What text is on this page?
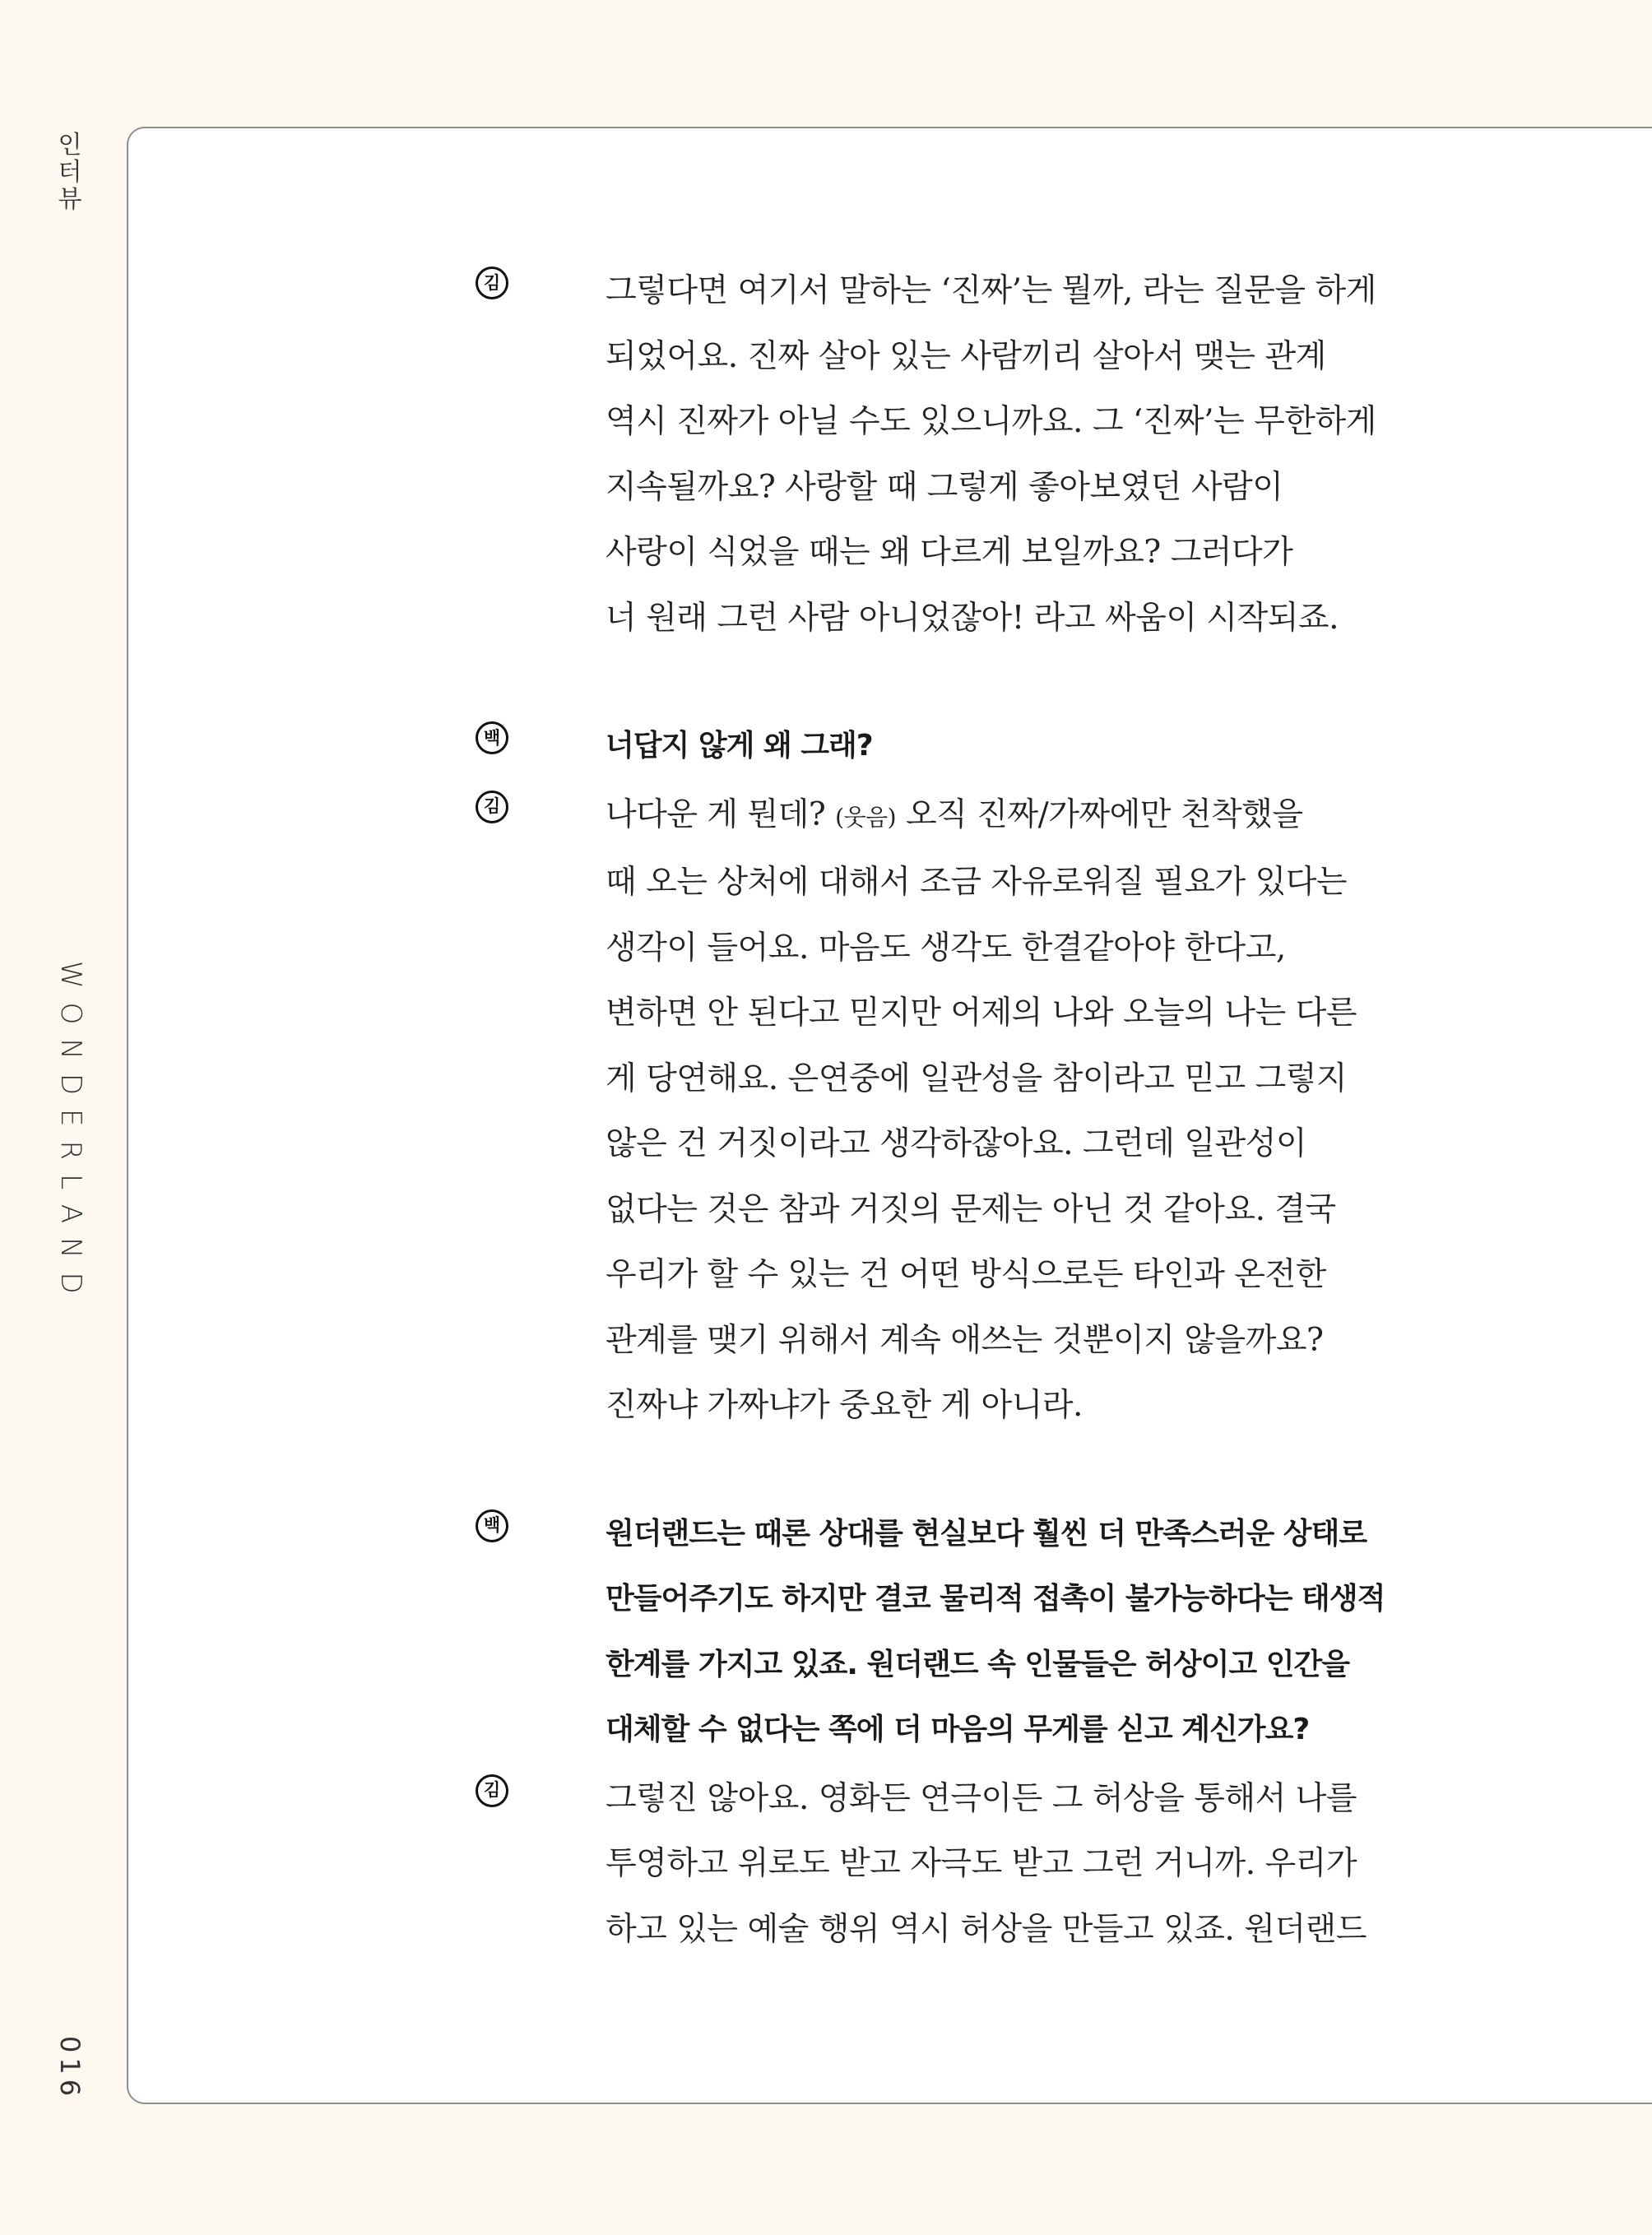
인터뷰
WONDERLAND
016
김	그렇다면 여기서 말하는 ‘진짜’는 뭘까, 라는 질문을 하게
되었어요. 진짜 살아 있는 사람끼리 살아서 맺는 관계
역시 진짜가 아닐 수도 있으니까요. 그 ‘진짜’는 무한하게
지속될까요? 사랑할 때 그렇게 좋아보였던 사람이
사랑이 식었을 때는 왜 다르게 보일까요? 그러다가
너 원래 그런 사람 아니었잖아! 라고 싸움이 시작되죠.
백	너답지 않게 왜 그래?
김	나다운 게 뭔데? (웃음) 오직 진짜/가짜에만 천착했을
때 오는 상처에 대해서 조금 자유로워질 필요가 있다는
생각이 들어요. 마음도 생각도 한결같아야 한다고,
변하면 안 된다고 믿지만 어제의 나와 오늘의 나는 다른
게 당연해요. 은연중에 일관성을 참이라고 믿고 그렇지
않은 건 거짓이라고 생각하잖아요. 그런데 일관성이
없다는 것은 참과 거짓의 문제는 아닌 것 같아요. 결국
우리가 할 수 있는 건 어떤 방식으로든 타인과 온전한
관계를 맺기 위해서 계속 애쓰는 것뿐이지 않을까요?
진짜냐 가짜냐가 중요한 게 아니라.
백	원더랜드는 때론 상대를 현실보다 훨씬 더 만족스러운 상태로
만들어주기도 하지만 결코 물리적 접촉이 불가능하다는 태생적
한계를 가지고 있죠. 원더랜드 속 인물들은 허상이고 인간을
대체할 수 없다는 쪽에 더 마음의 무게를 싣고 계신가요?
김	그렇진 않아요. 영화든 연극이든 그 허상을 통해서 나를
투영하고 위로도 받고 자극도 받고 그런 거니까. 우리가
하고 있는 예술 행위 역시 허상을 만들고 있죠. 원더랜드
